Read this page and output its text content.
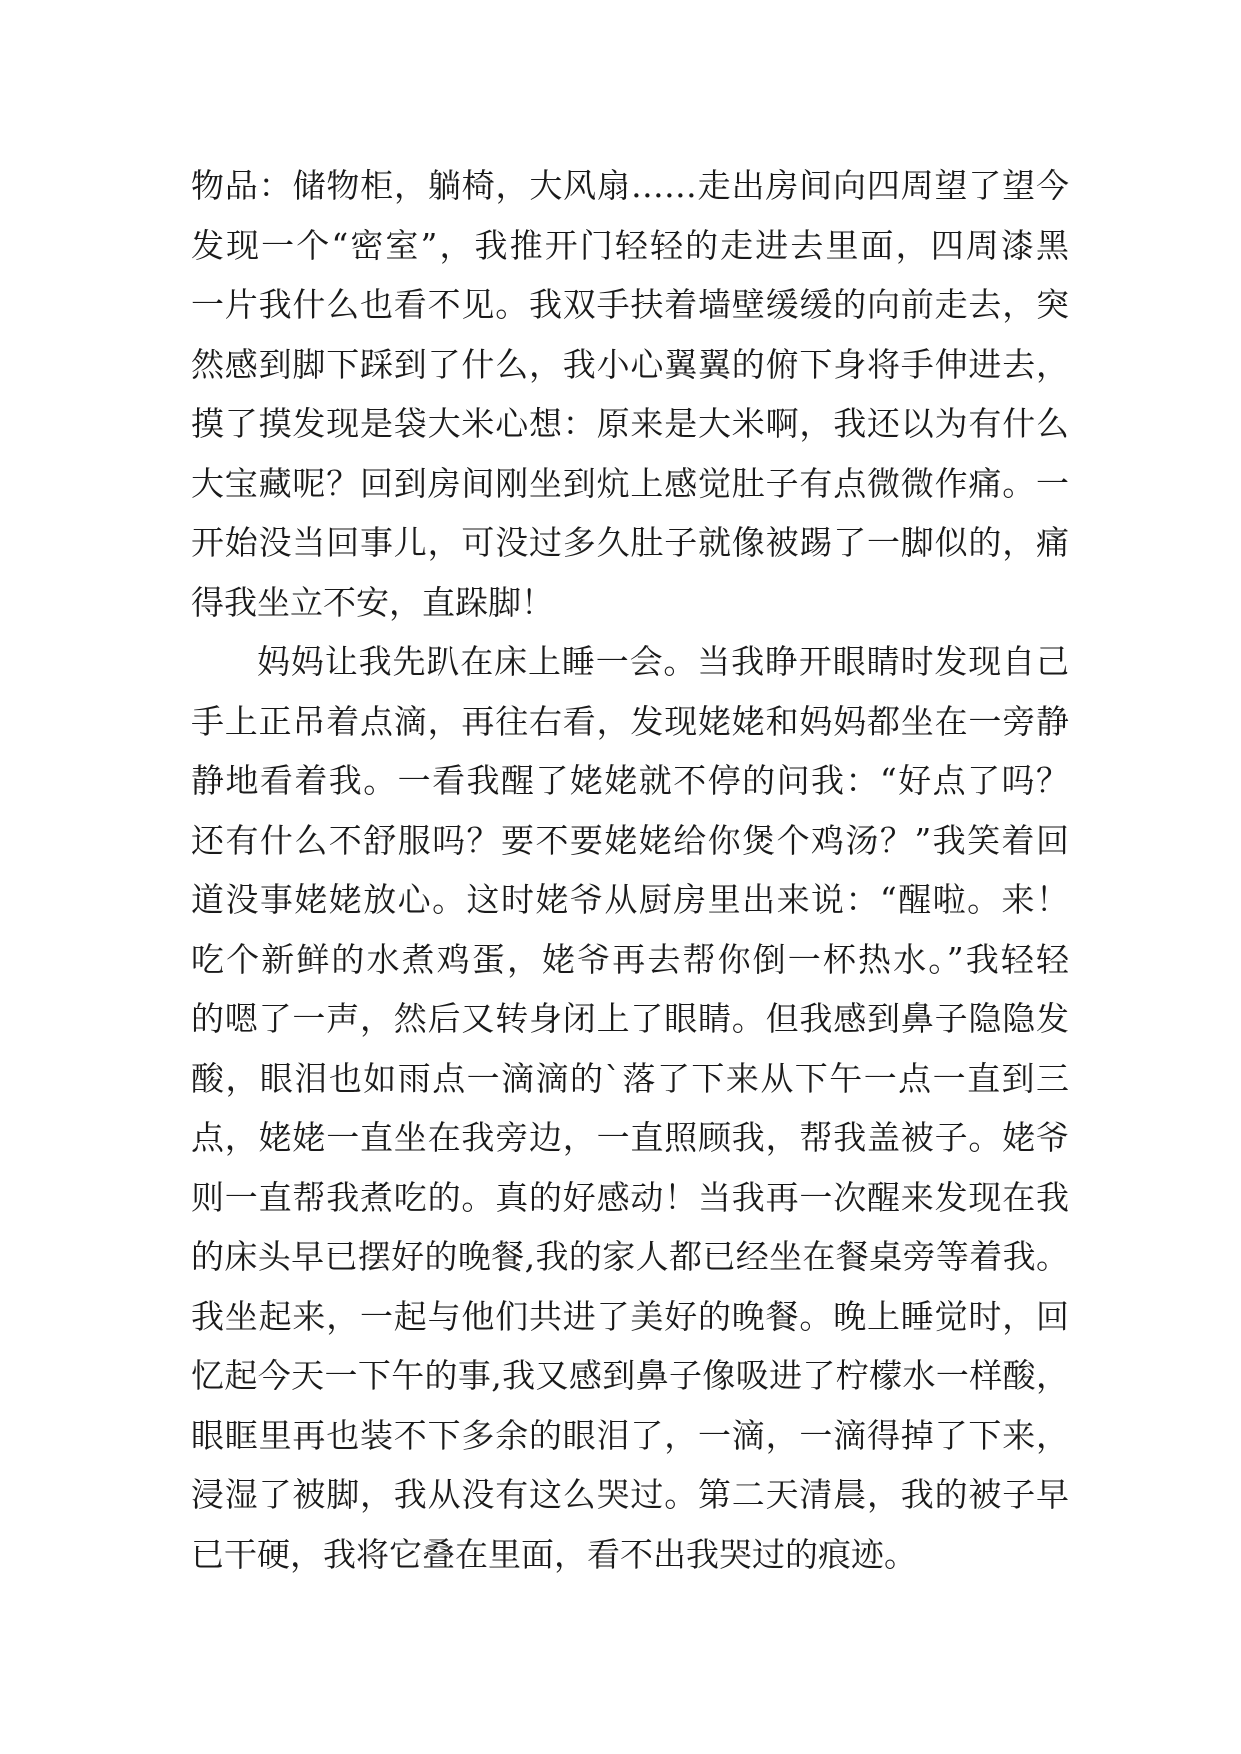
物品：储物柜，躺椅，大风扇……走出房间向四周望了望今
发现一个“密室”，我推开门轻轻的走进去里面，四周漆黑
一片我什么也看不见。我双手扶着墙壁缓缓的向前走去，突
然感到脚下踩到了什么，我小心翼翼的俯下身将手伸进去，
摸了摸发现是袋大米心想：原来是大米啊，我还以为有什么
大宝藏呢？回到房间刚坐到炕上感觉肚子有点微微作痛。一
开始没当回事儿，可没过多久肚子就像被踢了一脚似的，痛
得我坐立不安，直跺脚！
妈妈让我先趴在床上睡一会。当我睁开眼睛时发现自己
手上正吊着点滴，再往右看，发现姥姥和妈妈都坐在一旁静
静地看着我。一看我醒了姥姥就不停的问我：“好点了吗？
还有什么不舒服吗？要不要姥姥给你煲个鸡汤？”我笑着回
道没事姥姥放心。这时姥爷从厨房里出来说：“醒啦。来！
吃个新鲜的水煮鸡蛋，姥爷再去帮你倒一杯热水。”我轻轻
的嗯了一声，然后又转身闭上了眼睛。但我感到鼻子隐隐发
酸，眼泪也如雨点一滴滴的`落了下来从下午一点一直到三
点，姥姥一直坐在我旁边，一直照顾我，帮我盖被子。姥爷
则一直帮我煮吃的。真的好感动！当我再一次醒来发现在我
的床头早已摆好的晚餐,我的家人都已经坐在餐桌旁等着我。
我坐起来，一起与他们共进了美好的晚餐。晚上睡觉时，回
忆起今天一下午的事,我又感到鼻子像吸进了柠檬水一样酸，
眼眶里再也装不下多余的眼泪了，一滴，一滴得掉了下来，
浸湿了被脚，我从没有这么哭过。第二天清晨，我的被子早
已干硬，我将它叠在里面，看不出我哭过的痕迹。
